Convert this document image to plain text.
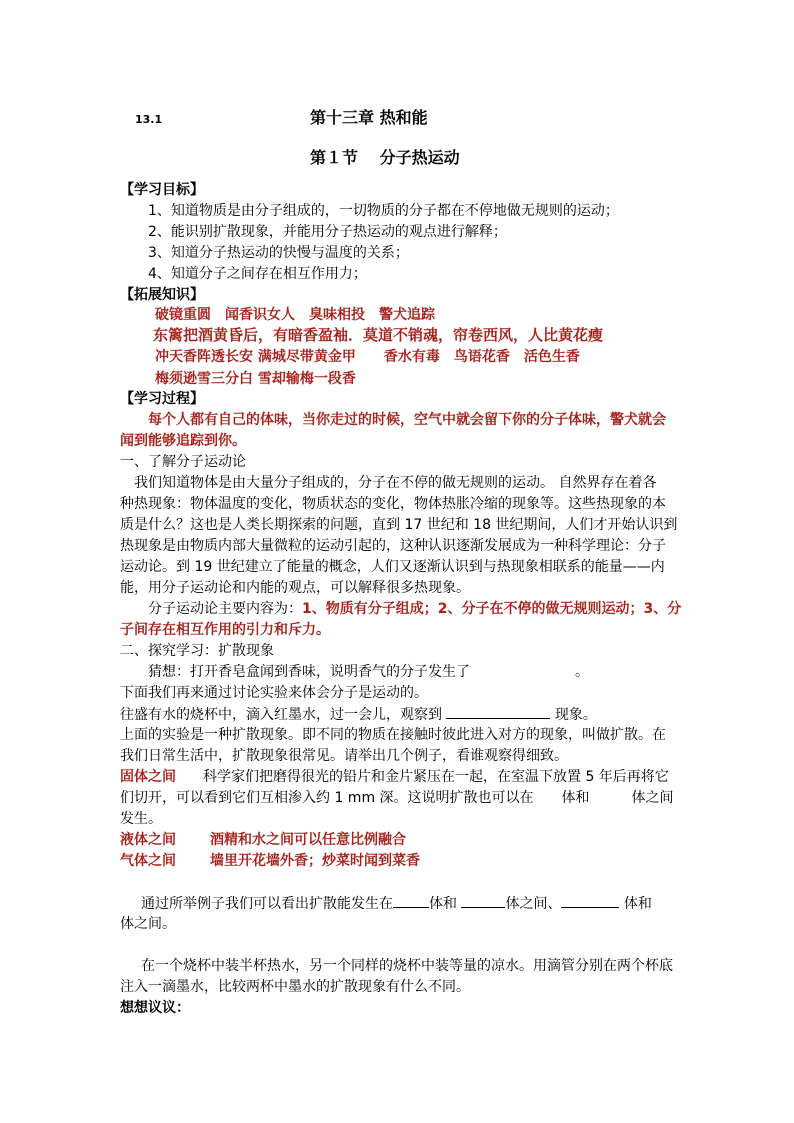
13.1	第十三章 热和能
第１节　 分子热运动
【学习目标】
1、知道物质是由分子组成的，一切物质的分子都在不停地做无规则的运动；
2、能识别扩散现象，并能用分子热运动的观点进行解释；
3、知道分子热运动的快慢与温度的关系；
4、知道分子之间存在相互作用力；
【拓展知识】
破镜重圆　闻香识女人　臭味相投　警犬追踪
东篱把酒黄昏后，有暗香盈袖．莫道不销魂，帘卷西风，人比黄花瘦
冲天香阵透长安 满城尽带黄金甲　　香水有毒　鸟语花香　活色生香
梅须逊雪三分白 雪却输梅一段香
【学习过程】
每个人都有自己的体味，当你走过的时候，空气中就会留下你的分子体味，警犬就会
闻到能够追踪到你。
一、了解分子运动论
我们知道物体是由大量分子组成的，分子在不停的做无规则的运动。 自然界存在着各
种热现象：物体温度的变化，物质状态的变化，物体热胀冷缩的现象等。这些热现象的本
质是什么？这也是人类长期探索的问题，直到 17 世纪和 18 世纪期间，人们才开始认识到
热现象是由物质内部大量微粒的运动引起的，这种认识逐渐发展成为一种科学理论：分子
运动论。到 19 世纪建立了能量的概念，人们又逐渐认识到与热现象相联系的能量——内
能，用分子运动论和内能的观点，可以解释很多热现象。
分子运动论主要内容为：1、物质有分子组成；2、分子在不停的做无规则运动；3、分
子间存在相互作用的引力和斥力。
二、探究学习：扩散现象
猜想：打开香皂盒闻到香味，说明香气的分子发生了	。
下面我们再来通过讨论实验来体会分子是运动的。
往盛有水的烧杯中，滴入红墨水，过一会儿，观察到	现象。
上面的实验是一种扩散现象。即不同的物质在接触时彼此进入对方的现象，叫做扩散。在
我们日常生活中，扩散现象很常见。请举出几个例子，看谁观察得细致。
固体之间 科学家们把磨得很光的铅片和金片紧压在一起，在室温下放置 5 年后再将它
们切开，可以看到它们互相渗入约 1 mm 深。这说明扩散也可以在　　体和　　　体之间
发生。
液体之间 酒精和水之间可以任意比例融合
气体之间 墙里开花墙外香；炒菜时闻到菜香
通过所举例子我们可以看出扩散能发生在	体和	体之间、	体和
体之间。
在一个烧杯中装半杯热水，另一个同样的烧杯中装等量的凉水。用滴管分别在两个杯底
注入一滴墨水，比较两杯中墨水的扩散现象有什么不同。
想想议议：
